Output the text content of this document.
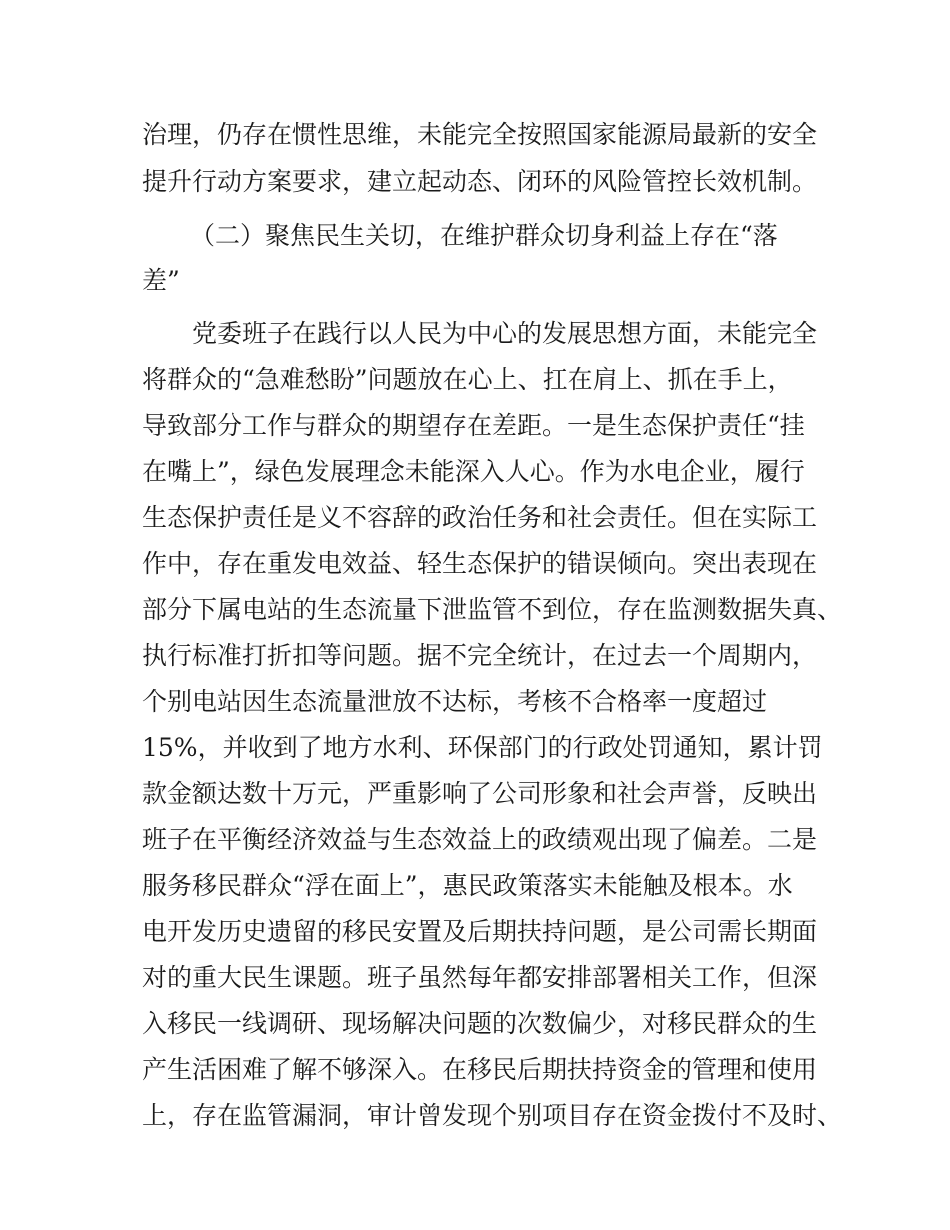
治理，仍存在惯性思维，未能完全按照国家能源局最新的安全
提升行动方案要求，建立起动态、闭环的风险管控长效机制。
（二）聚焦民生关切，在维护群众切身利益上存在“落
差”
党委班子在践行以人民为中心的发展思想方面，未能完全
将群众的“急难愁盼”问题放在心上、扛在肩上、抓在手上，
导致部分工作与群众的期望存在差距。一是生态保护责任“挂
在嘴上”，绿色发展理念未能深入人心。作为水电企业，履行
生态保护责任是义不容辞的政治任务和社会责任。但在实际工
作中，存在重发电效益、轻生态保护的错误倾向。突出表现在
部分下属电站的生态流量下泄监管不到位，存在监测数据失真、
执行标准打折扣等问题。据不完全统计，在过去一个周期内，
个别电站因生态流量泄放不达标，考核不合格率一度超过
15%，并收到了地方水利、环保部门的行政处罚通知，累计罚
款金额达数十万元，严重影响了公司形象和社会声誉，反映出
班子在平衡经济效益与生态效益上的政绩观出现了偏差。二是
服务移民群众“浮在面上”，惠民政策落实未能触及根本。水
电开发历史遗留的移民安置及后期扶持问题，是公司需长期面
对的重大民生课题。班子虽然每年都安排部署相关工作，但深
入移民一线调研、现场解决问题的次数偏少，对移民群众的生
产生活困难了解不够深入。在移民后期扶持资金的管理和使用
上，存在监管漏洞，审计曾发现个别项目存在资金拨付不及时、
